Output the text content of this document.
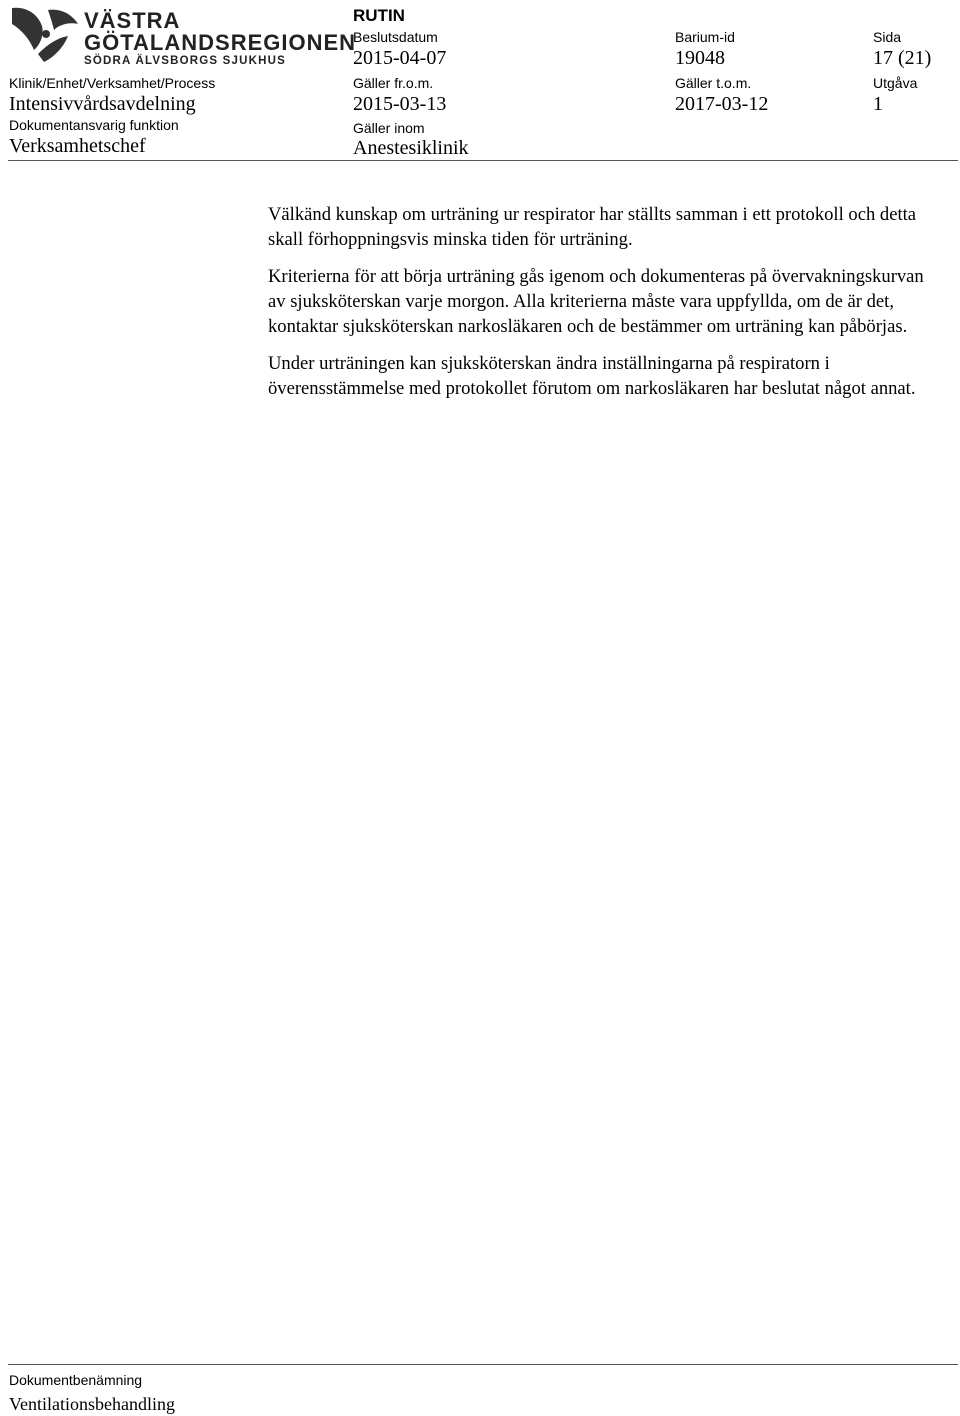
VÄSTRA
GÖTALANDSREGIONEN
SÖDRA ÄLVSBORGS SJUKHUS
RUTIN
Beslutsdatum
2015-04-07
Gäller fr.o.m.
2015-03-13
Gäller inom
Anestesiklinik
Klinik/Enhet/Verksamhet/Process
Intensivvårdsavdelning
Dokumentansvarig funktion
Verksamhetschef
Barium-id
19048
Gäller t.o.m.
2017-03-12
Sida
17 (21)
Utgåva
1

Välkänd kunskap om urträning ur respirator har ställts samman i ett protokoll och detta skall förhoppningsvis minska tiden för urträning.

Kriterierna för att börja urträning gås igenom och dokumenteras på övervakningskurvan av sjuksköterskan varje morgon. Alla kriterierna måste vara uppfyllda, om de är det, kontaktar sjuksköterskan narkosläkaren och de bestämmer om urträning kan påbörjas.

Under urträningen kan sjuksköterskan ändra inställningarna på respiratorn i överensstämmelse med protokollet förutom om narkosläkaren har beslutat något annat.

Dokumentbenämning
Ventilationsbehandling
